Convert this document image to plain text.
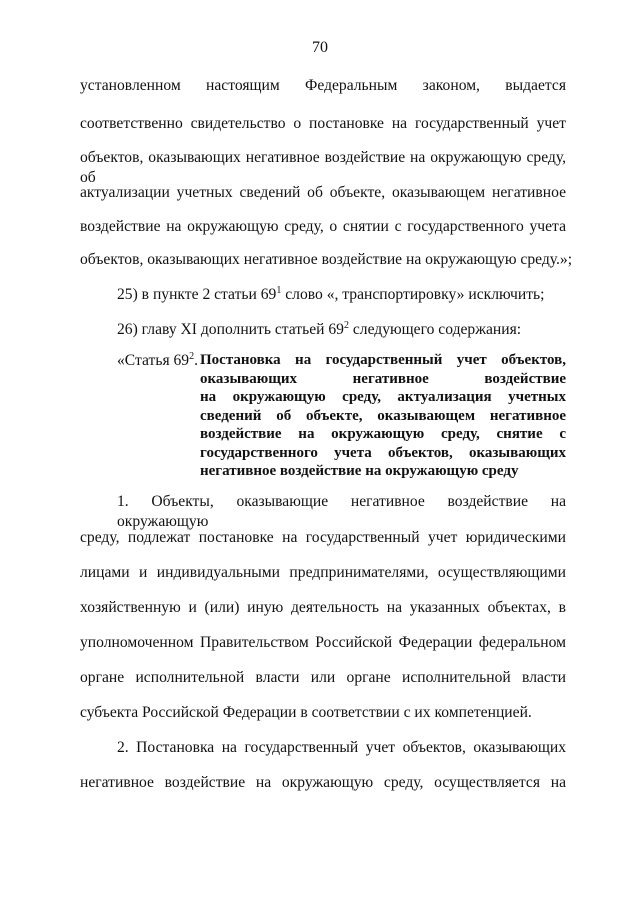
70
установленном настоящим Федеральным законом, выдается
соответственно свидетельство о постановке на государственный учет
объектов, оказывающих негативное воздействие на окружающую среду, об
актуализации учетных сведений об объекте, оказывающем негативное
воздействие на окружающую среду, о снятии с государственного учета
объектов, оказывающих негативное воздействие на окружающую среду.»;
25) в пункте 2 статьи $69^1$ слово «, транспортировку» исключить;
26) главу XI дополнить статьей $69^2$ следующего содержания:
«Статья $69^2$. Постановка на государственный учет объектов,
оказывающих негативное воздействие
на окружающую среду, актуализация учетных
сведений об объекте, оказывающем негативное
воздействие на окружающую среду, снятие с
государственного учета объектов, оказывающих
негативное воздействие на окружающую среду
1. Объекты, оказывающие негативное воздействие на окружающую
среду, подлежат постановке на государственный учет юридическими
лицами и индивидуальными предпринимателями, осуществляющими
хозяйственную и (или) иную деятельность на указанных объектах, в
уполномоченном Правительством Российской Федерации федеральном
органе исполнительной власти или органе исполнительной власти
субъекта Российской Федерации в соответствии с их компетенцией.
2. Постановка на государственный учет объектов, оказывающих
негативное воздействие на окружающую среду, осуществляется на
